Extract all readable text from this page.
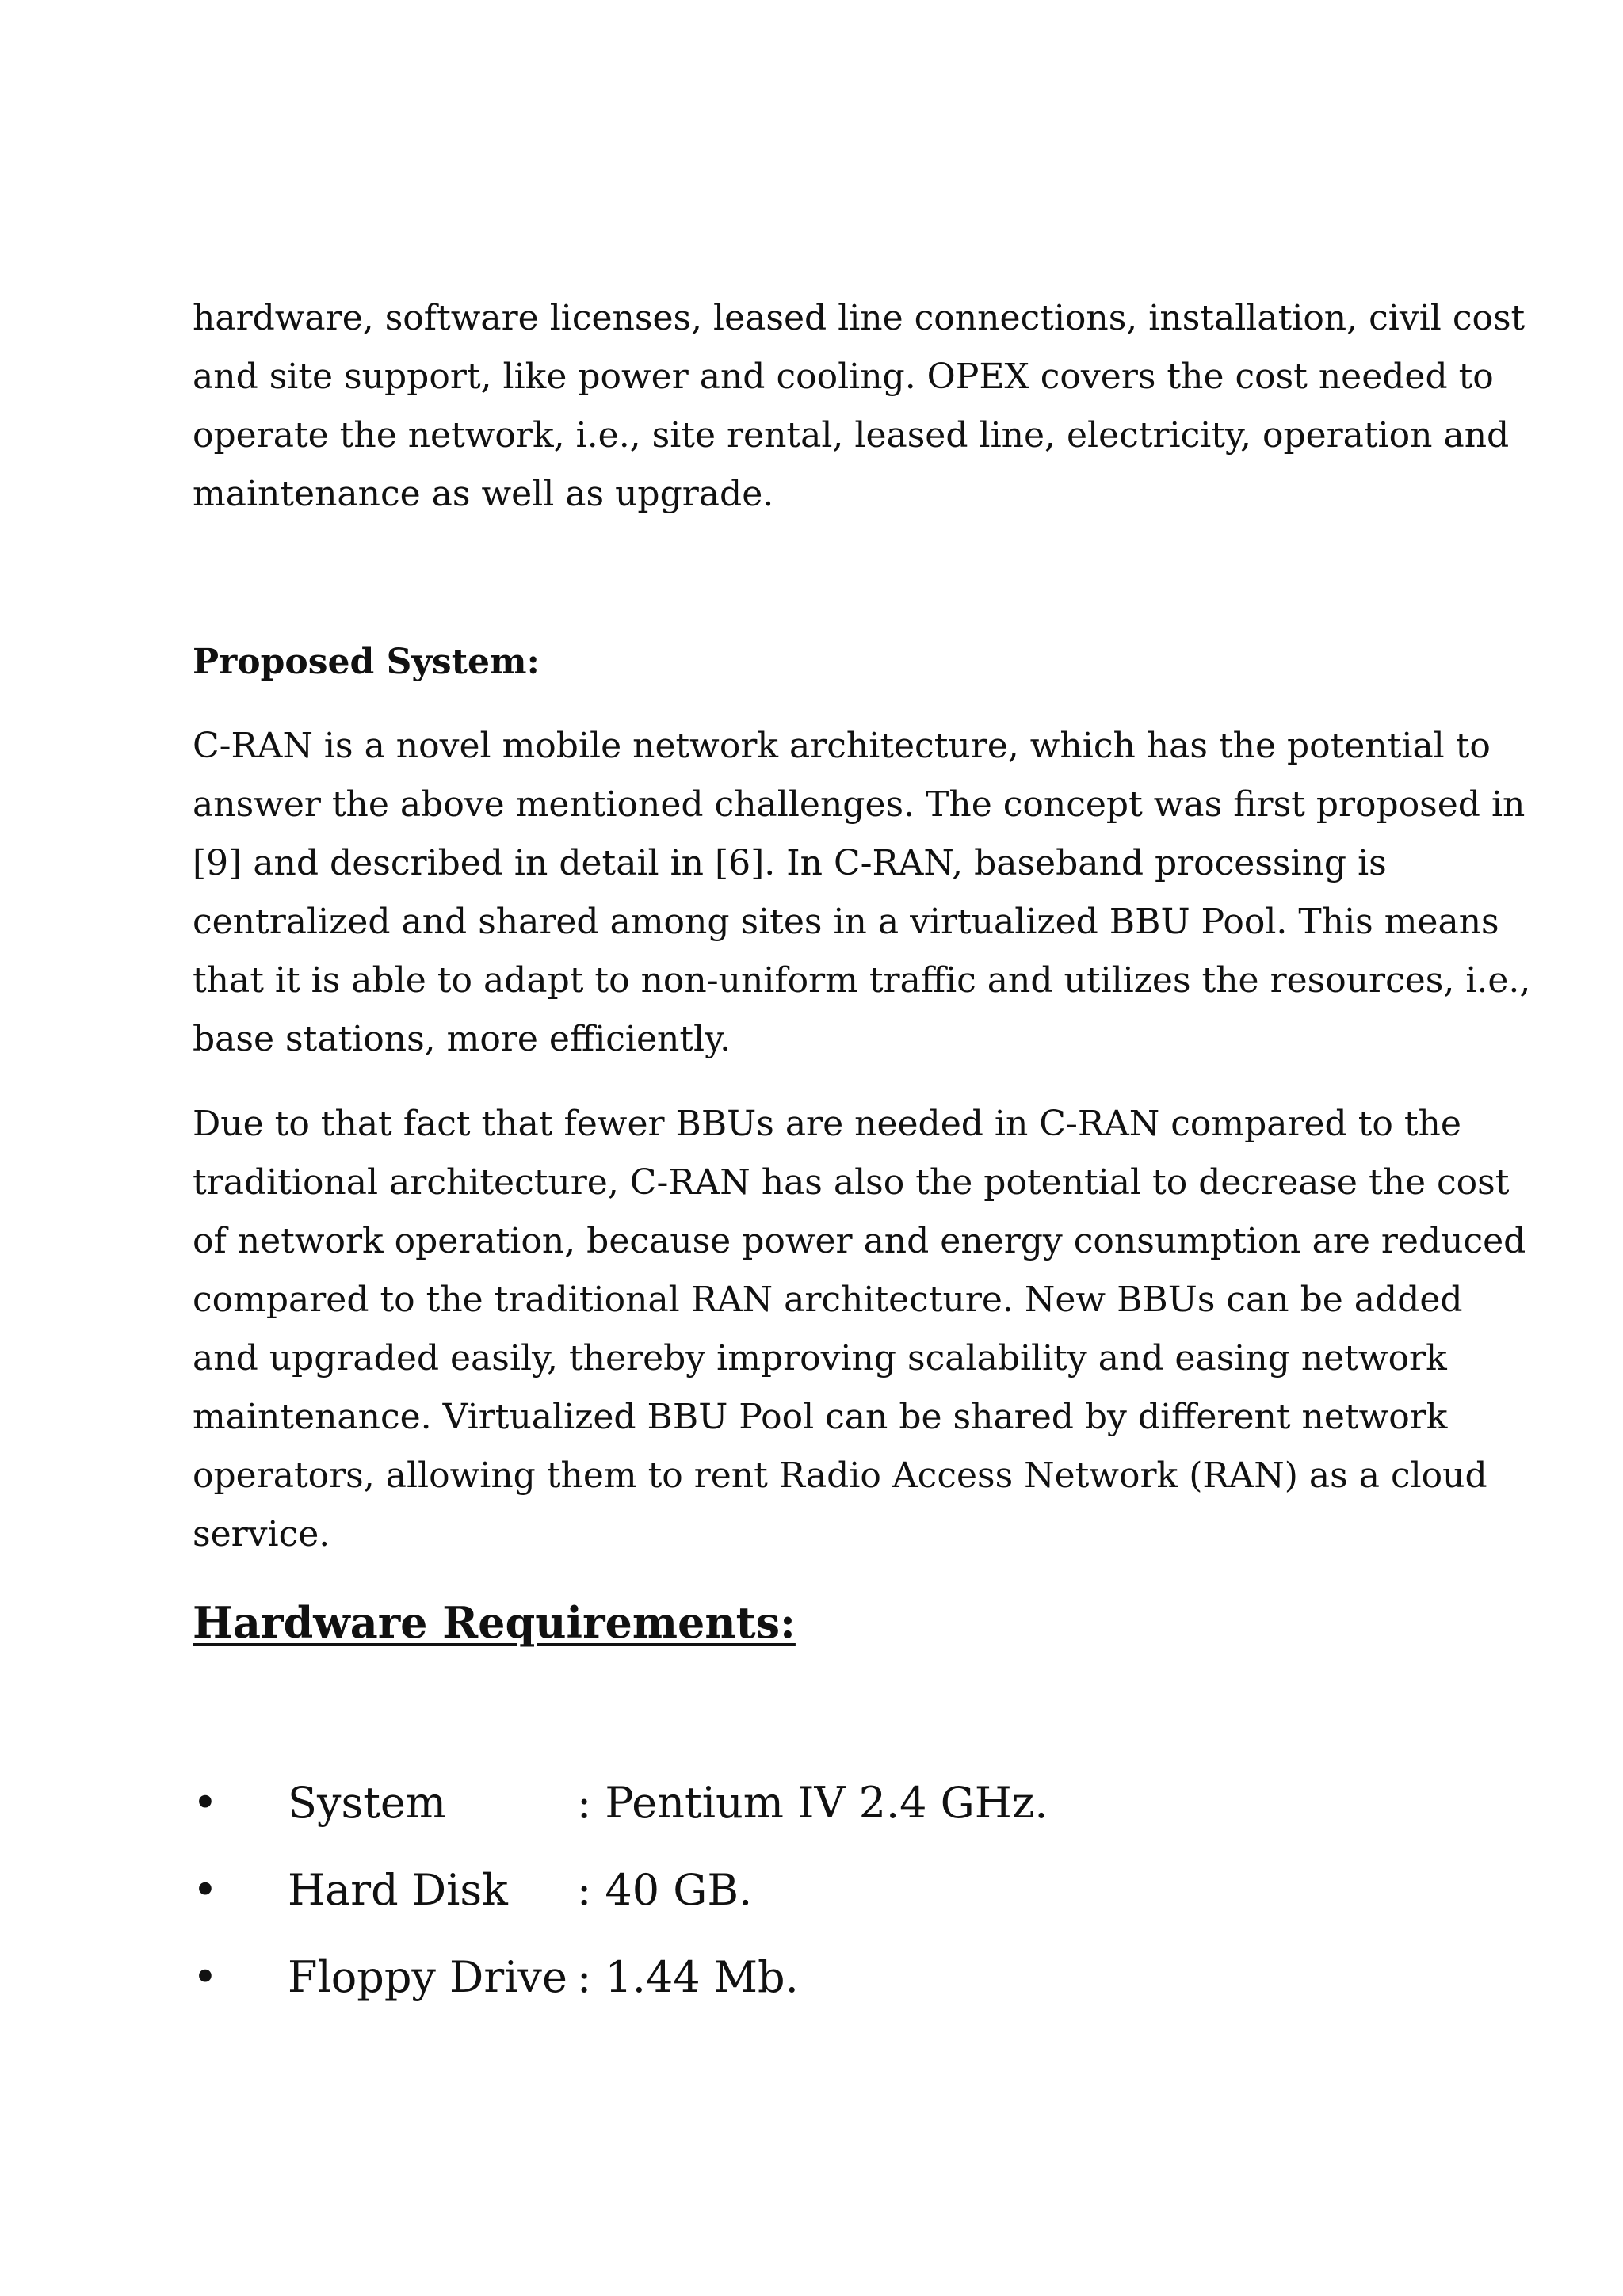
hardware, software licenses, leased line connections, installation, civil cost
and site support, like power and cooling. OPEX covers the cost needed to
operate the network, i.e., site rental, leased line, electricity, operation and
maintenance as well as upgrade.
Proposed System:
C-RAN is a novel mobile network architecture, which has the potential to
answer the above mentioned challenges. The concept was first proposed in
[9] and described in detail in [6]. In C-RAN, baseband processing is
centralized and shared among sites in a virtualized BBU Pool. This means
that it is able to adapt to non-uniform traffic and utilizes the resources, i.e.,
base stations, more efficiently.
Due to that fact that fewer BBUs are needed in C-RAN compared to the
traditional architecture, C-RAN has also the potential to decrease the cost
of network operation, because power and energy consumption are reduced
compared to the traditional RAN architecture. New BBUs can be added
and upgraded easily, thereby improving scalability and easing network
maintenance. Virtualized BBU Pool can be shared by different network
operators, allowing them to rent Radio Access Network (RAN) as a cloud
service.
Hardware Requirements:
• System	: Pentium IV 2.4 GHz.
• Hard Disk : 40 GB.
• Floppy Drive : 1.44 Mb.
